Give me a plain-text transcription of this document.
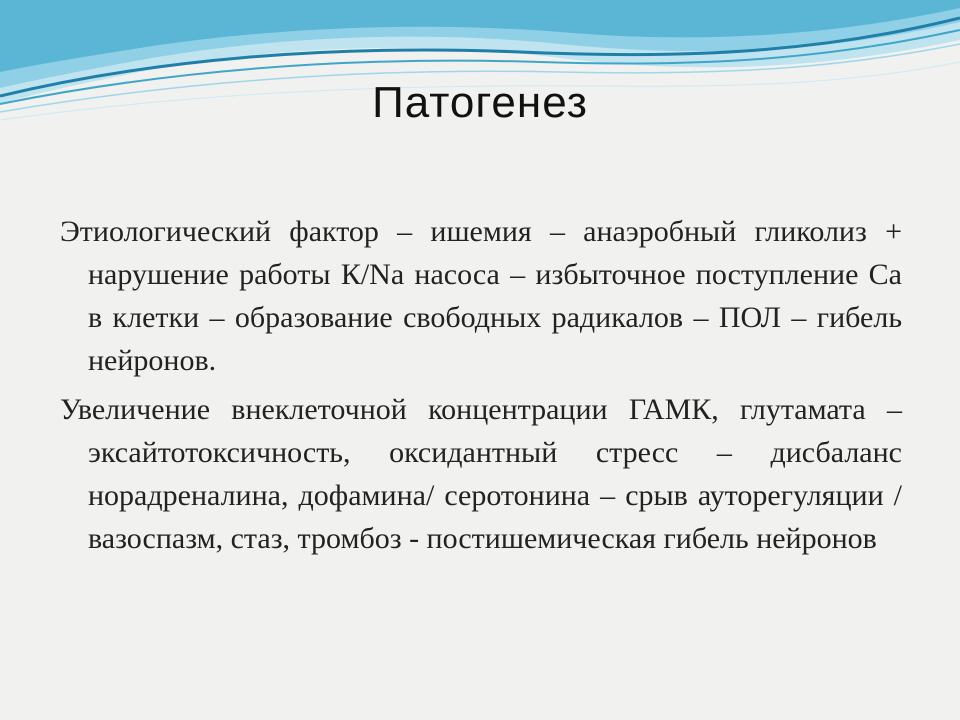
Патогенез

Этиологический фактор – ишемия – анаэробный гликолиз + нарушение работы К/Na насоса – избыточное поступление Са в клетки – образование свободных радикалов – ПОЛ – гибель нейронов.

Увеличение внеклеточной концентрации ГАМК, глутамата – эксайтотоксичность, оксидантный стресс – дисбаланс норадреналина, дофамина/ серотонина – срыв ауторегуляции / вазоспазм, стаз, тромбоз - постишемическая гибель нейронов
